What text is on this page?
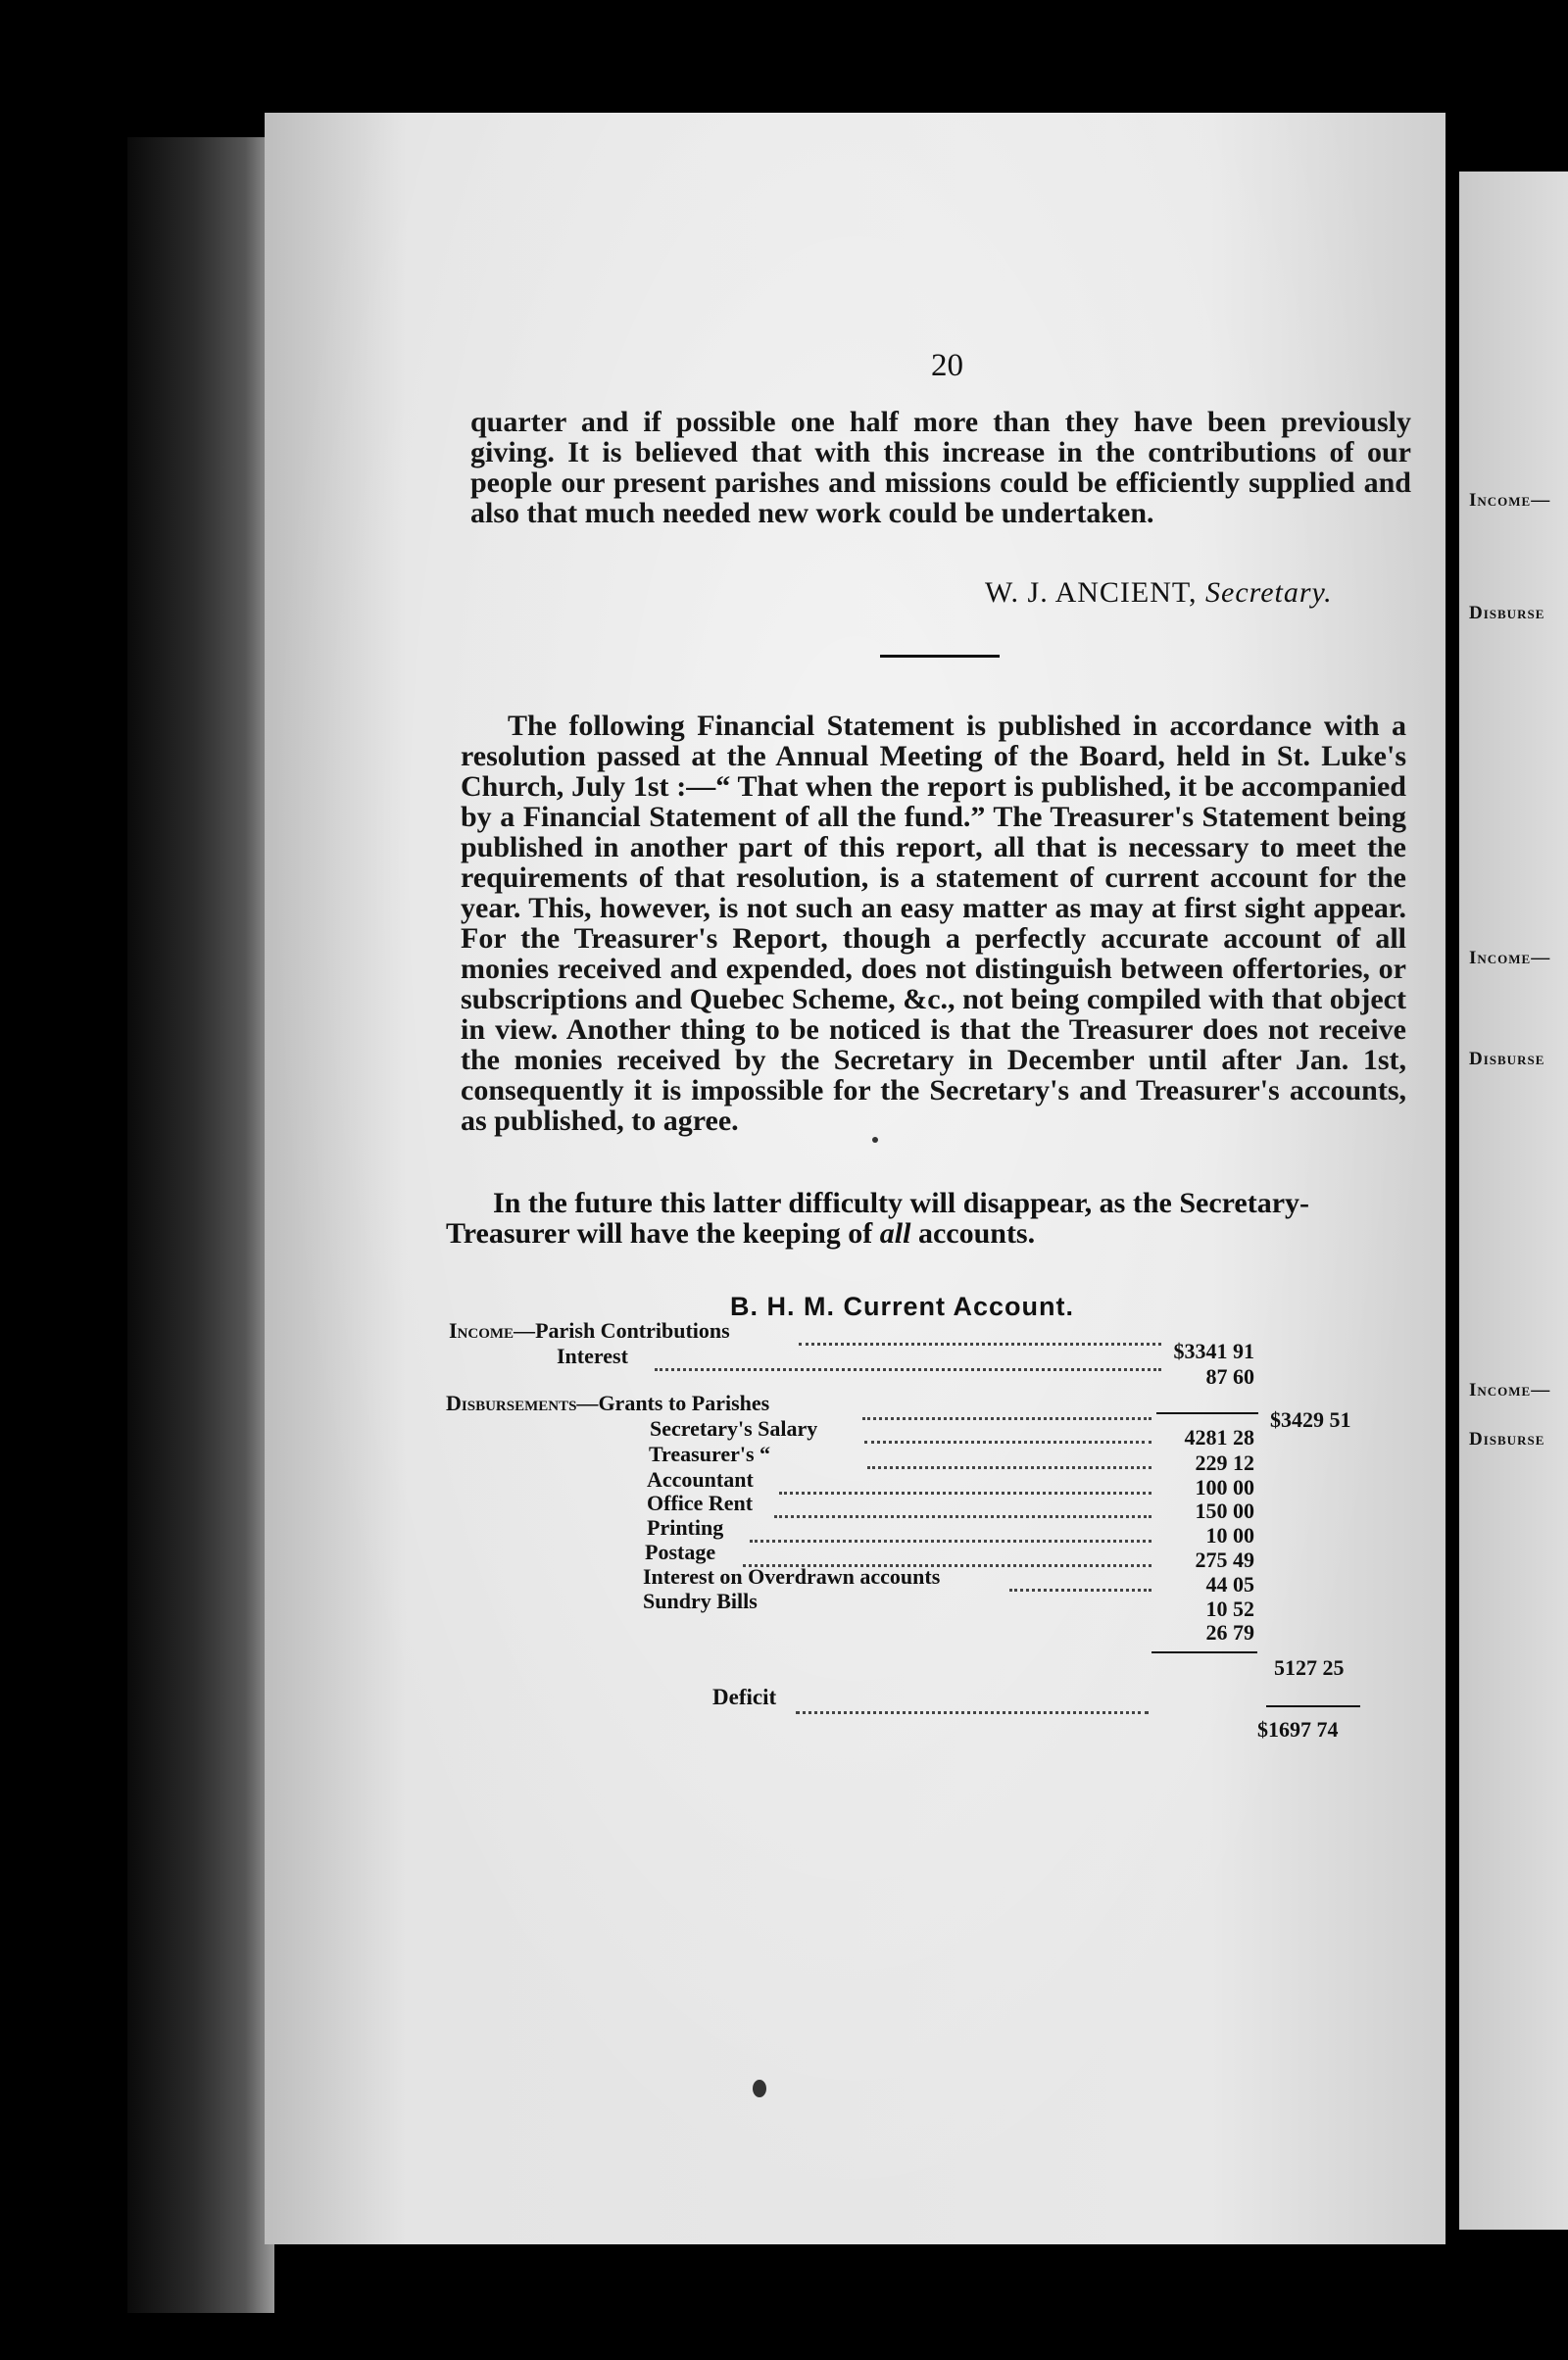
Income—
Disburse
Income—
Disburse
Income—
Disburse
20
quarter and if possible one half more than they have been previously giving. It is believed that with this increase in the contributions of our people our present parishes and missions could be efficiently supplied and also that much needed new work could be undertaken.
W. J. ANCIENT, Secretary.
The following Financial Statement is published in accordance with a resolution passed at the Annual Meeting of the Board, held in St. Luke's Church, July 1st :—“ That when the report is published, it be accompanied by a Financial Statement of all the fund.” The Treasurer's Statement being published in another part of this report, all that is necessary to meet the requirements of that resolution, is a statement of current account for the year. This, however, is not such an easy matter as may at first sight appear. For the Treasurer's Report, though a perfectly accurate account of all monies received and expended, does not distinguish between offertories, or subscriptions and Quebec Scheme, &c., not being compiled with that object in view. Another thing to be noticed is that the Treasurer does not receive the monies received by the Secretary in December until after Jan. 1st, consequently it is impossible for the Secretary's and Treasurer's accounts, as published, to agree.
In the future this latter difficulty will disappear, as the Secretary-Treasurer will have the keeping of all accounts.
B. H. M. Current Account.
Income—Parish Contributions
$3341 91
Interest
87 60
$3429 51
Disbursements—Grants to Parishes
4281 28
Secretary's Salary
229 12
Treasurer's “
100 00
Accountant
150 00
Office Rent
10 00
Printing
275 49
Postage
44 05
Interest on Overdrawn accounts
10 52
Sundry Bills
26 79
5127 25
Deficit
$1697 74
